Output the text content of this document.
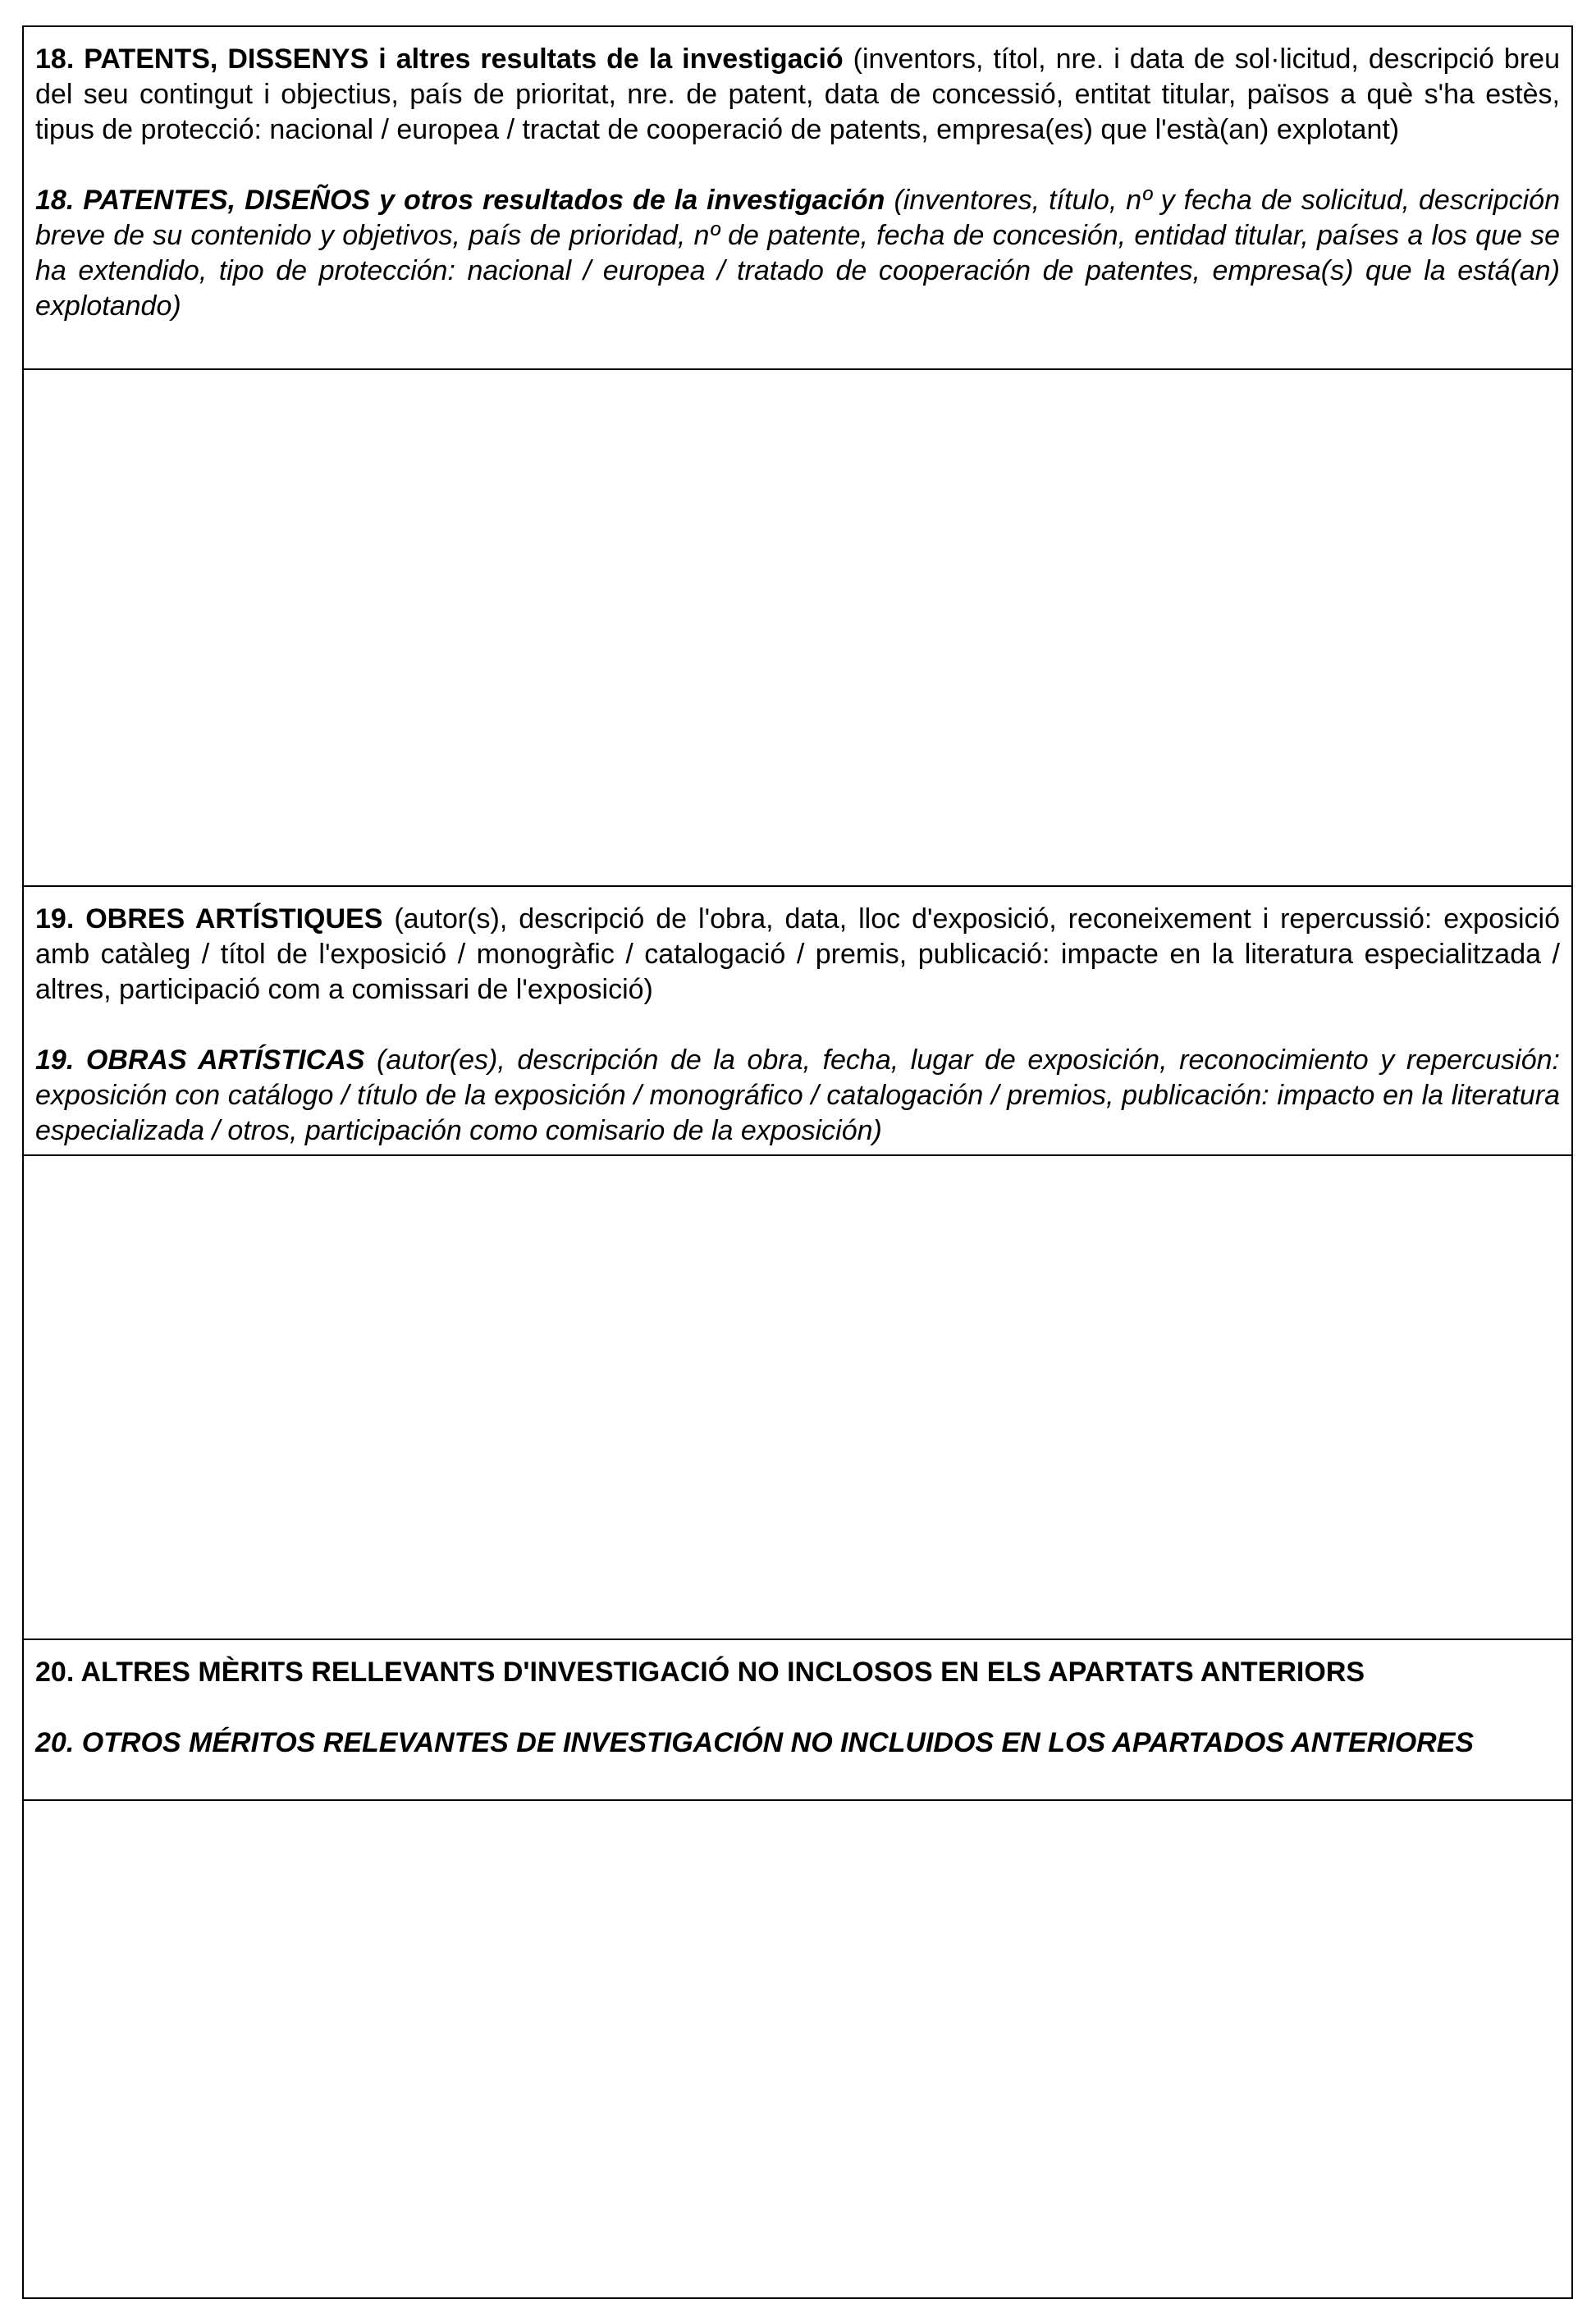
18. PATENTS, DISSENYS i altres resultats de la investigació (inventors, títol, nre. i data de sol·licitud, descripció breu del seu contingut i objectius, país de prioritat, nre. de patent, data de concessió, entitat titular, països a què s'ha estès, tipus de protecció: nacional / europea / tractat de cooperació de patents, empresa(es) que l'està(an) explotant)

18. PATENTES, DISEÑOS y otros resultados de la investigación (inventores, título, nº y fecha de solicitud, descripción breve de su contenido y objetivos, país de prioridad, nº de patente, fecha de concesión, entidad titular, países a los que se ha extendido, tipo de protección: nacional / europea / tratado de cooperación de patentes, empresa(s) que la está(an) explotando)

19. OBRES ARTÍSTIQUES (autor(s), descripció de l'obra, data, lloc d'exposició, reconeixement i repercussió: exposició amb catàleg / títol de l'exposició / monogràfic / catalogació / premis, publicació: impacte en la literatura especialitzada / altres, participació com a comissari de l'exposició)

19. OBRAS ARTÍSTICAS (autor(es), descripción de la obra, fecha, lugar de exposición, reconocimiento y repercusión: exposición con catálogo / título de la exposición / monográfico / catalogación / premios, publicación: impacto en la literatura especializada / otros, participación como comisario de la exposición)

20. ALTRES MÈRITS RELLEVANTS D'INVESTIGACIÓ NO INCLOSOS EN ELS APARTATS ANTERIORS

20. OTROS MÉRITOS RELEVANTES DE INVESTIGACIÓN NO INCLUIDOS EN LOS APARTADOS ANTERIORES
